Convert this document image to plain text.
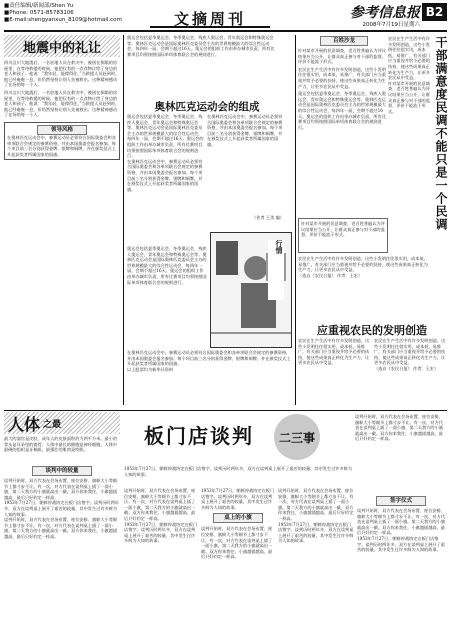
■责任编辑/新闻部/Shen Yu
■Phone: 0571-85783106
■E-mail:shengyanxun_8109@hotmail.com	文摘周刊	参考信息报 B2
2008年7月19日星期六
地震中的礼让
四川汶川大地震后，一名驻地人员在救灾中，被困在倒塌的房屋里，在等待救援的时候，他把仅有的一点食物让给了身边的老人和孩子。他说：“我年轻，能撑得住。”当救援人员赶到时，他已经奄奄一息，但仍然坚持让别人先被救出。这种精神感动了在场的每一个人。
四川汶川大地震后，一名驻地人员在救灾中，被困在倒塌的房屋里，在等待救援的时候，他把仅有的一点食物让给了身边的老人和孩子。他说：“我年轻，能撑得住。”当救援人员赶到时，他已经奄奄一息，但仍然坚持让别人先被救出。这种精神感动了在场的每一个人。
领导风格
在奥林匹克运动会中，参赛运动员必须符合国际奥委会和各单项联合会规定的参赛资格，并由本国奥委会报名参加。每个项目前三名分别获得金牌、银牌和铜牌，并在颁奖仪式上升起获奖者所属国家的国旗。
人体 之最
最大的器官是皮肤，成年人的皮肤面积约为两平方米。最小的骨头是耳朵里的镫骨，人体中最长的细胞是神经细胞。人体中最硬的组织是牙釉质，最强壮的肌肉是咬肌。
奥运会包括夏季奥运会、冬季奥运会、残疾人奥运会、青年奥运会和特殊奥运会等。奥林匹克运动会是国际奥林匹克委员会主办的世界规模最大的综合性运动会，每四年一届，会期不超过16天。奥运会的组织工作由举办城市负责，所有比赛项目均须按照国际单项体育联合会的规则进行。
奥林匹克运动会的组成
奥运会包括夏季奥运会、冬季奥运会、残疾人奥运会、青年奥运会和特殊奥运会等。奥林匹克运动会是国际奥林匹克委员会主办的世界规模最大的综合性运动会，每四年一届，会期不超过16天。奥运会的组织工作由举办城市负责，所有比赛项目均须按照国际单项体育联合会的规则进行。
在奥林匹克运动会中，参赛运动员必须符合国际奥委会和各单项联合会规定的参赛资格，并由本国奥委会报名参加。每个项目前三名分别获得金牌、银牌和铜牌，并在颁奖仪式上升起获奖者所属国家的国旗。
在奥林匹克运动会中，参赛运动员必须符合国际奥委会和各单项联合会规定的参赛资格，并由本国奥委会报名参加。每个项目前三名分别获得金牌、银牌和铜牌，并在颁奖仪式上升起获奖者所属国家的国旗。
（作者 王美 编）
行情
奥运会包括夏季奥运会、冬季奥运会、残疾人奥运会、青年奥运会和特殊奥运会等。奥林匹克运动会是国际奥林匹克委员会主办的世界规模最大的综合性运动会，每四年一届，会期不超过16天。奥运会的组织工作由举办城市负责，所有比赛项目均须按照国际单项体育联合会的规则进行。
在奥林匹克运动会中，参赛运动员必须符合国际奥委会和各单项联合会规定的参赛资格，并由本国奥委会报名参加。每个项目前三名分别获得金牌、银牌和铜牌，并在颁奖仪式上升起获奖者所属国家的国旗。
以上股票均为新华社资料
百姓沙龙
针对某市开展的民意调查，老百姓普遍认为评议结果应当公开，让群众真正参与对干部的监督，评价不能流于形式。
农民在生产生活中有许多发明创造，这些小发明往往很实用，成本低，易推广，有关部门应当重视并给予必要的扶持，使这些成果真正转化为生产力，让更多农民从中受益。
奥运会包括夏季奥运会、冬季奥运会、残疾人奥运会、青年奥运会和特殊奥运会等。奥林匹克运动会是国际奥林匹克委员会主办的世界规模最大的综合性运动会，每四年一届，会期不超过16天。奥运会的组织工作由举办城市负责，所有比赛项目均须按照国际单项体育联合会的规则进行。
农民在生产生活中有许多发明创造，这些小发明往往很实用，成本低，易推广，有关部门应当重视并给予必要的扶持，使这些成果真正转化为生产力，让更多农民从中受益。
针对某市开展的民意调查，老百姓普遍认为评议结果应当公开，让群众真正参与对干部的监督，评价不能流于形式。	干部满意度民调不能只是一个民调
针对某市开展的民意调查，老百姓普遍认为评议结果应当公开，让群众真正参与对干部的监督，评价不能流于形式。
农民在生产生活中有许多发明创造，这些小发明往往很实用，成本低，易推广，有关部门应当重视并给予必要的扶持，使这些成果真正转化为生产力，让更多农民从中受益。
（选自《农民日报》 作者：王宏）
应重视农民的发明创造
农民在生产生活中有许多发明创造，这些小发明往往很实用，成本低，易推广，有关部门应当重视并给予必要的扶持，使这些成果真正转化为生产力，让更多农民从中受益。
农民在生产生活中有许多发明创造，这些小发明往往很实用，成本低，易推广，有关部门应当重视并给予必要的扶持，使这些成果真正转化为生产力，让更多农民从中受益。
（选自《农民日报》 作者：王宏）
板门店谈判 二三事
谈判开始时，双方代表在会场布置、座位安排、旗帜大小等细节上都寸步不让。有一次，对方代表在谈判桌上插了一面小旗，第二天我方的小旗就高出一截。双方你来我往，小旗越插越高，最后只好约定一样高。
1953年7月27日，朝鲜停战协定在板门店签字。谈判历时两年多，双方在谈判桌上展开了艰苦的较量，其中发生过许多鲜为人知的故事。
谈判中的较量
谈判开始时，双方代表在会场布置、座位安排、旗帜大小等细节上都寸步不让。有一次，对方代表在谈判桌上插了一面小旗，第二天我方的小旗就高出一截。双方你来我往，小旗越插越高，最后只好约定一样高。
1953年7月27日，朝鲜停战协定在板门店签字。谈判历时两年多，双方在谈判桌上展开了艰苦的较量，其中发生过许多鲜为人知的故事。
谈判开始时，双方代表在会场布置、座位安排、旗帜大小等细节上都寸步不让。有一次，对方代表在谈判桌上插了一面小旗，第二天我方的小旗就高出一截。双方你来我往，小旗越插越高，最后只好约定一样高。
谈判开始时，双方代表在会场布置、座位安排、旗帜大小等细节上都寸步不让。有一次，对方代表在谈判桌上插了一面小旗，第二天我方的小旗就高出一截。双方你来我往，小旗越插越高，最后只好约定一样高。
1953年7月27日，朝鲜停战协定在板门店签字。谈判历时两年多，双方在谈判桌上展开了艰苦的较量，其中发生过许多鲜为人知的故事。
1953年7月27日，朝鲜停战协定在板门店签字。谈判历时两年多，双方在谈判桌上展开了艰苦的较量，其中发生过许多鲜为人知的故事。
桌上的小旗
谈判开始时，双方代表在会场布置、座位安排、旗帜大小等细节上都寸步不让。有一次，对方代表在谈判桌上插了一面小旗，第二天我方的小旗就高出一截。双方你来我往，小旗越插越高，最后只好约定一样高。
谈判开始时，双方代表在会场布置、座位安排、旗帜大小等细节上都寸步不让。有一次，对方代表在谈判桌上插了一面小旗，第二天我方的小旗就高出一截。双方你来我往，小旗越插越高，最后只好约定一样高。
1953年7月27日，朝鲜停战协定在板门店签字。谈判历时两年多，双方在谈判桌上展开了艰苦的较量，其中发生过许多鲜为人知的故事。
签字仪式
谈判开始时，双方代表在会场布置、座位安排、旗帜大小等细节上都寸步不让。有一次，对方代表在谈判桌上插了一面小旗，第二天我方的小旗就高出一截。双方你来我往，小旗越插越高，最后只好约定一样高。
1953年7月27日，朝鲜停战协定在板门店签字。谈判历时两年多，双方在谈判桌上展开了艰苦的较量，其中发生过许多鲜为人知的故事。
